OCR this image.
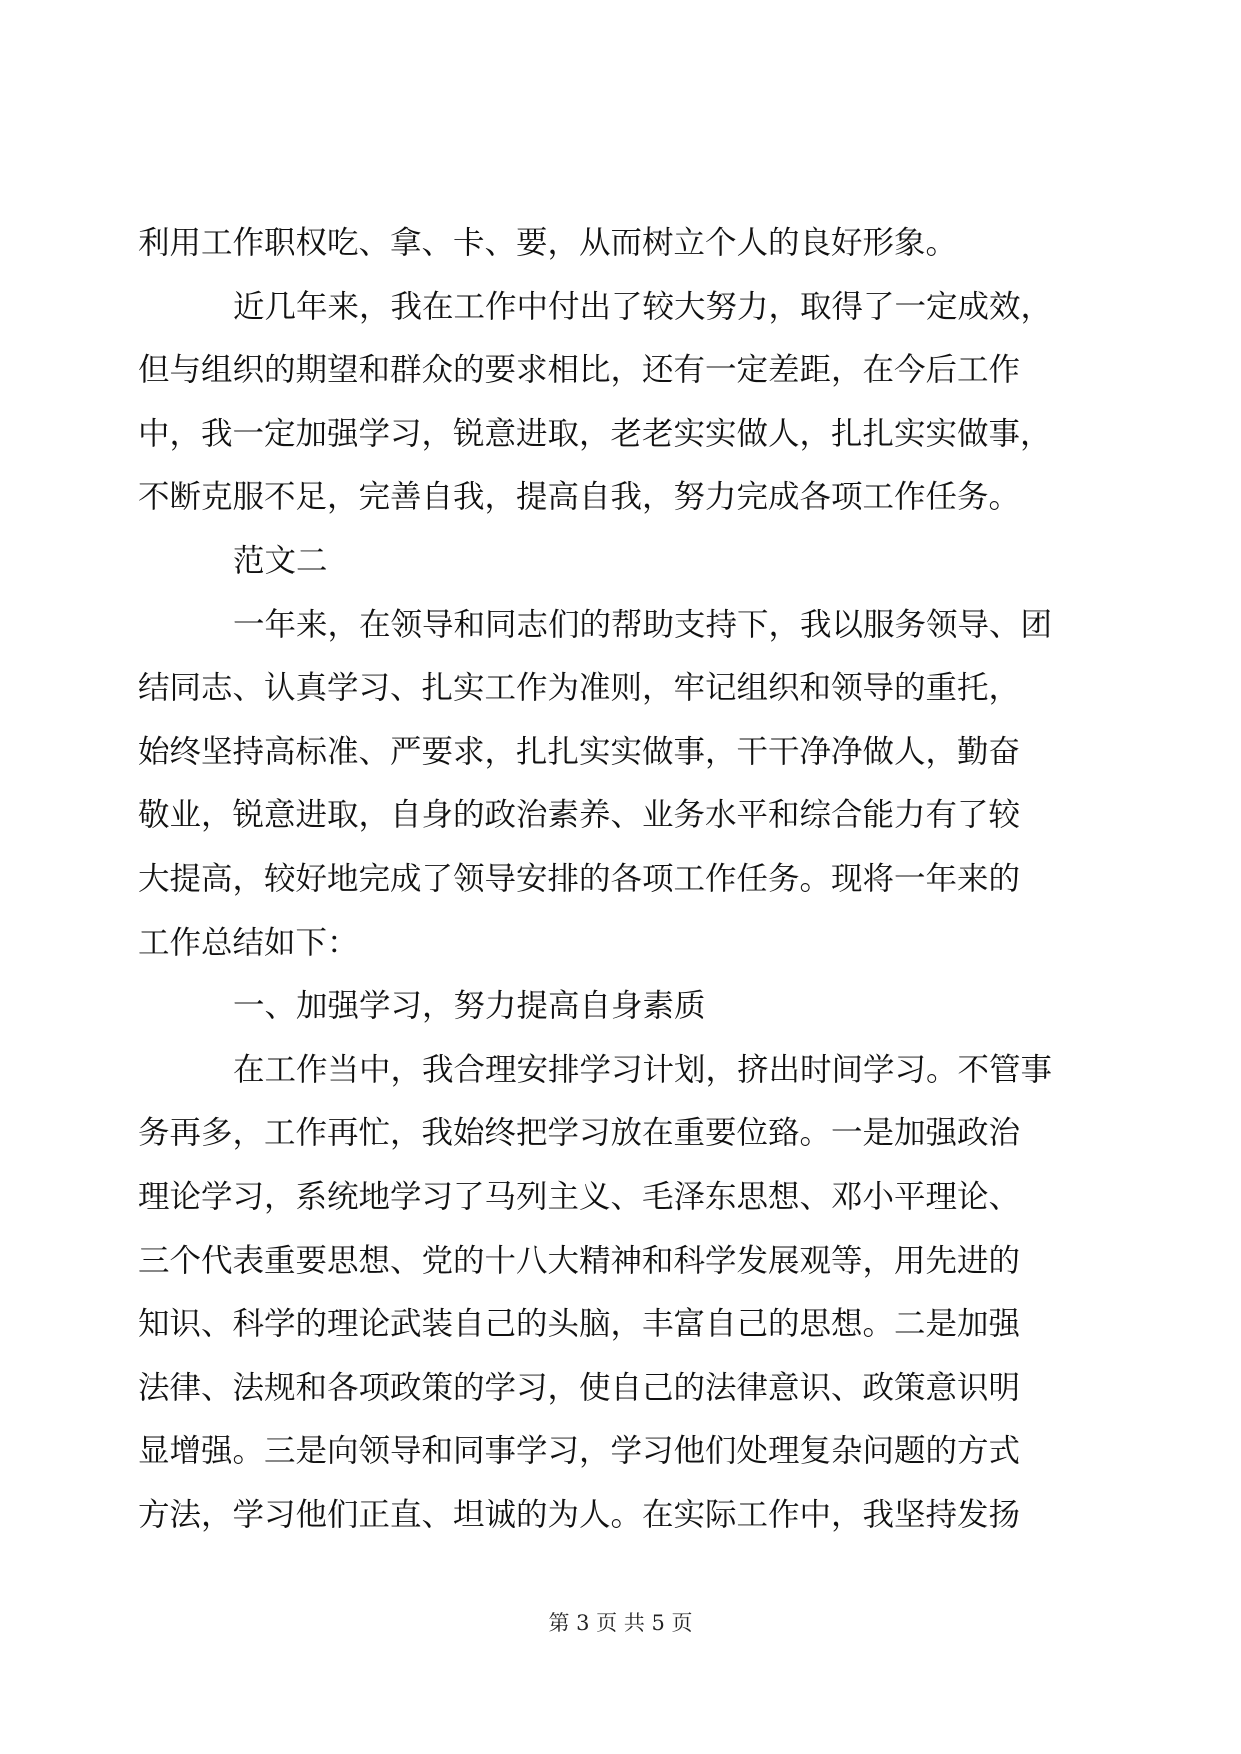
利用工作职权吃、拿、卡、要，从而树立个人的良好形象。
近几年来，我在工作中付出了较大努力，取得了一定成效，
但与组织的期望和群众的要求相比，还有一定差距，在今后工作
中，我一定加强学习，锐意进取，老老实实做人，扎扎实实做事，
不断克服不足，完善自我，提高自我，努力完成各项工作任务。
范文二
一年来，在领导和同志们的帮助支持下，我以服务领导、团
结同志、认真学习、扎实工作为准则，牢记组织和领导的重托，
始终坚持高标准、严要求，扎扎实实做事，干干净净做人，勤奋
敬业，锐意进取，自身的政治素养、业务水平和综合能力有了较
大提高，较好地完成了领导安排的各项工作任务。现将一年来的
工作总结如下：
一、加强学习，努力提高自身素质
在工作当中，我合理安排学习计划，挤出时间学习。不管事
务再多，工作再忙，我始终把学习放在重要位臵。一是加强政治
理论学习，系统地学习了马列主义、毛泽东思想、邓小平理论、
三个代表重要思想、党的十八大精神和科学发展观等，用先进的
知识、科学的理论武装自己的头脑，丰富自己的思想。二是加强
法律、法规和各项政策的学习，使自己的法律意识、政策意识明
显增强。三是向领导和同事学习，学习他们处理复杂问题的方式
方法，学习他们正直、坦诚的为人。在实际工作中，我坚持发扬
第 3 页 共 5 页
